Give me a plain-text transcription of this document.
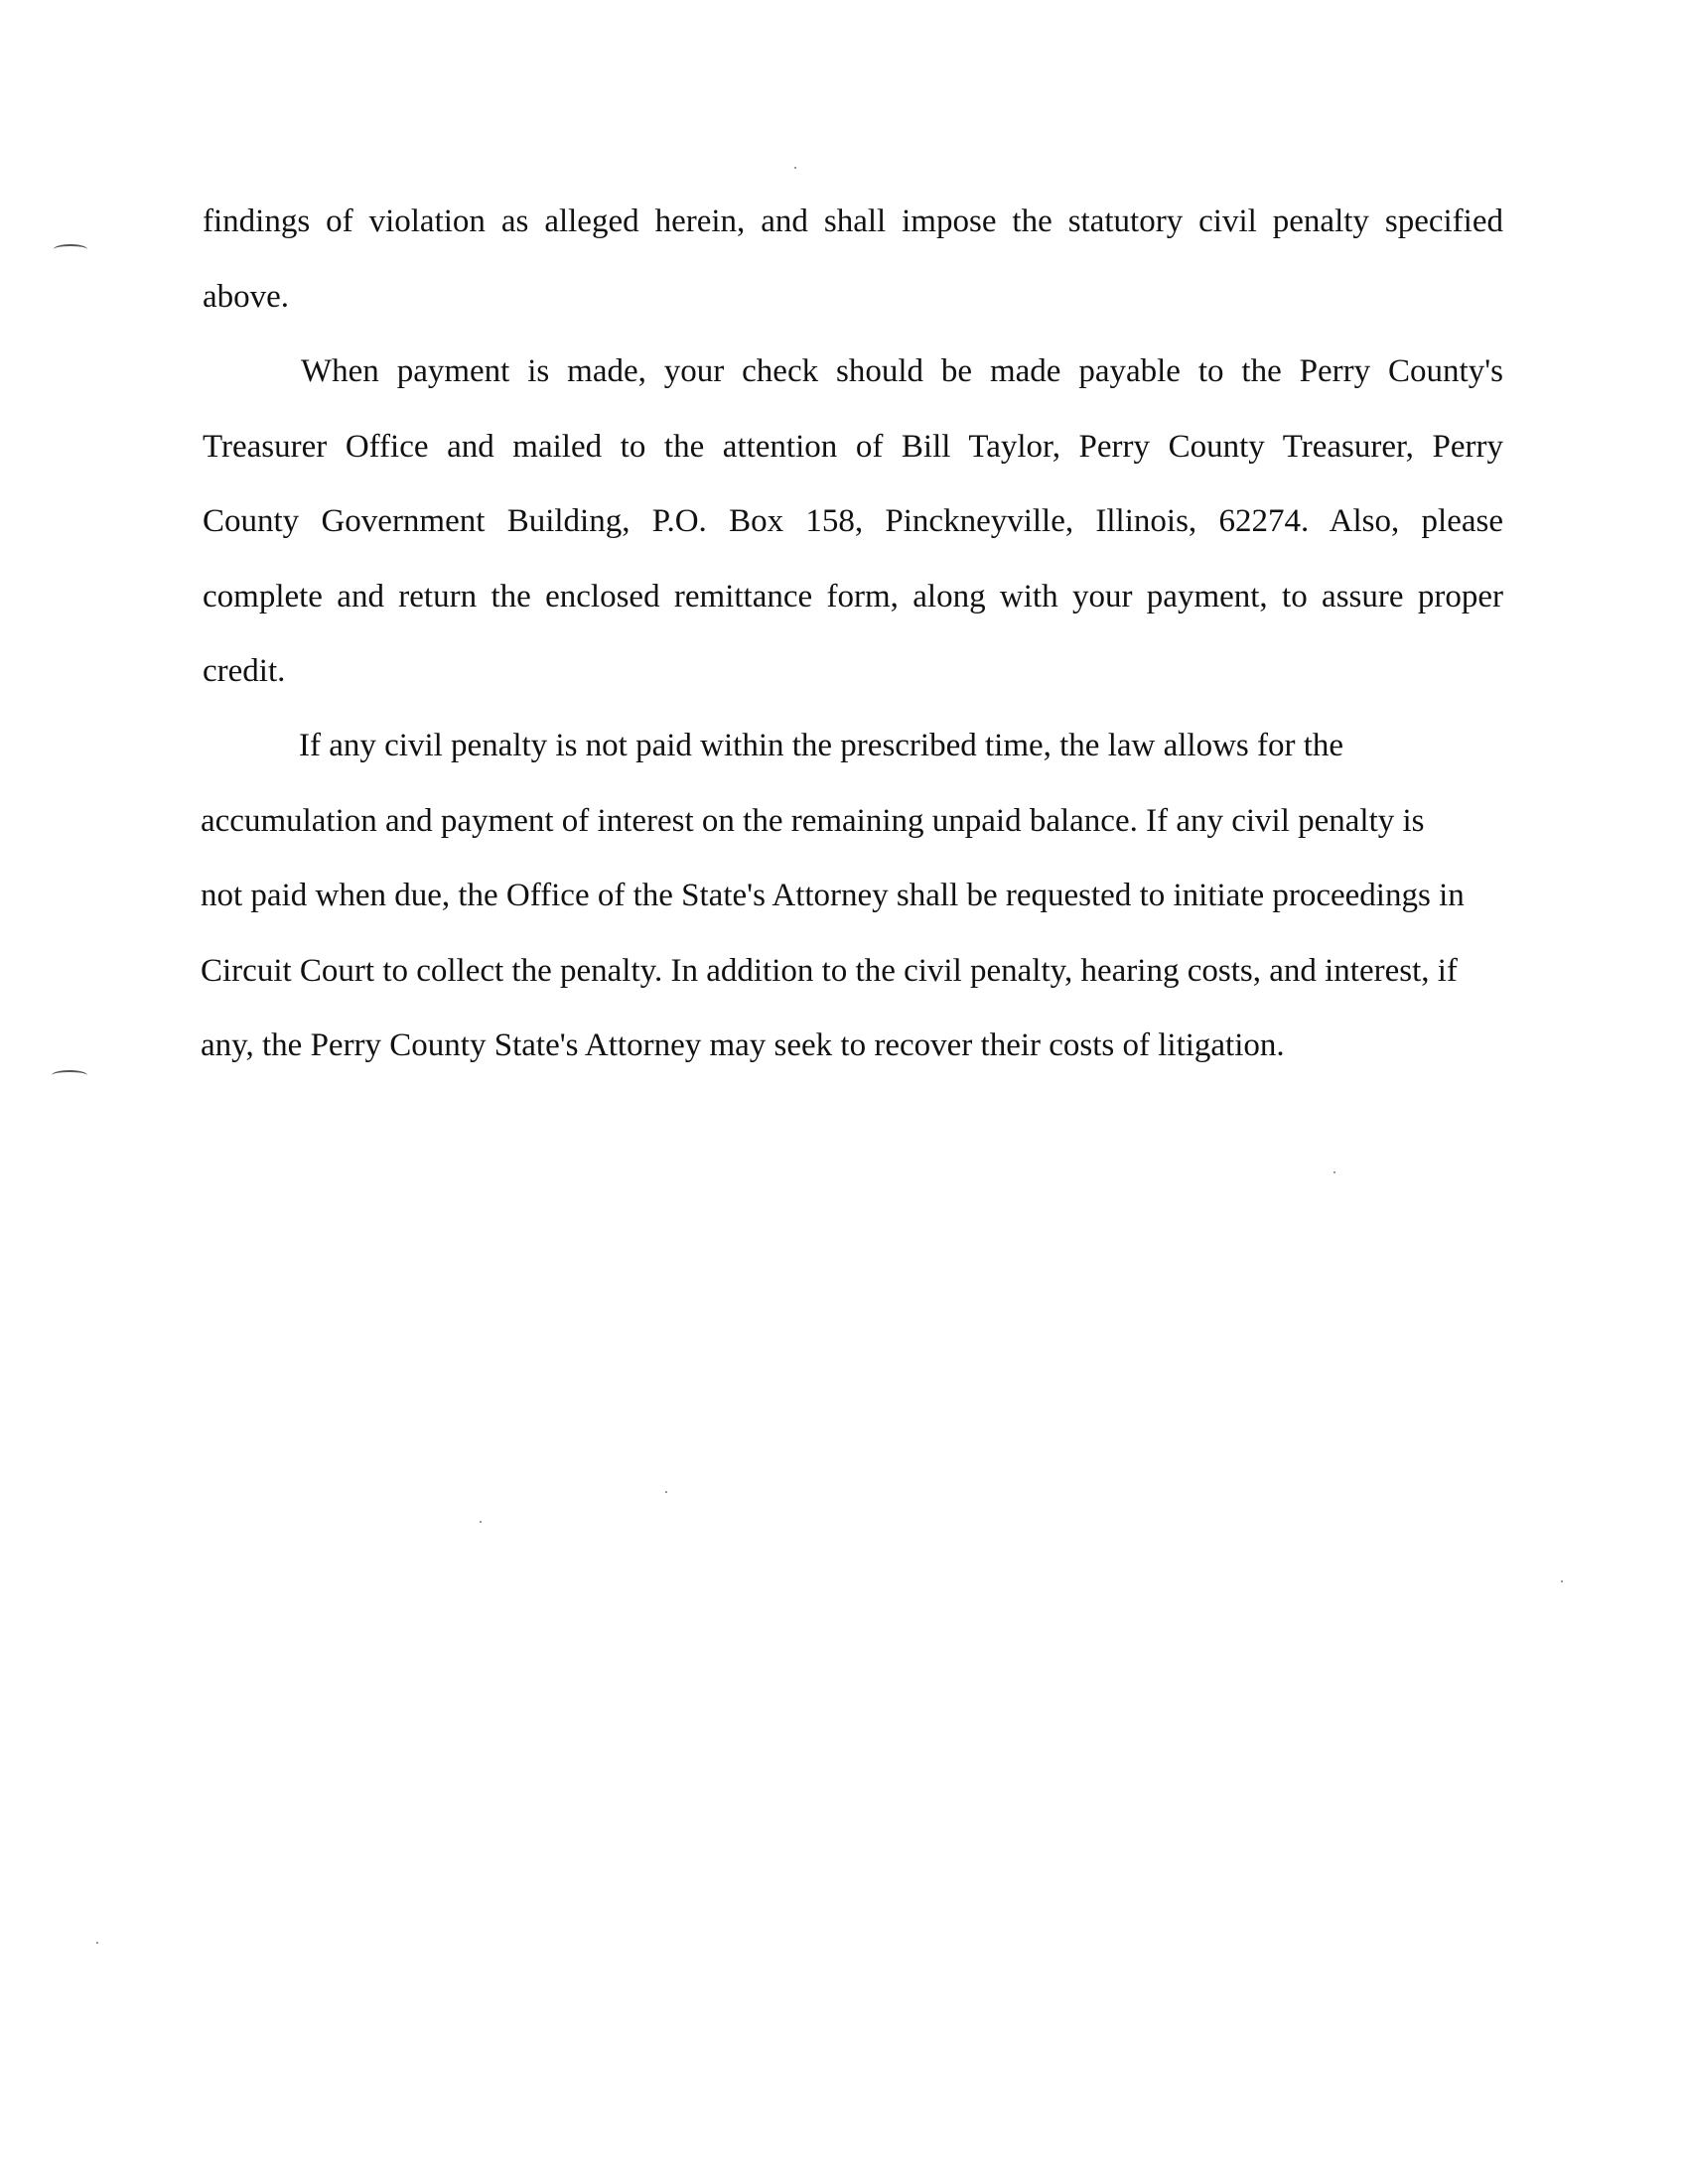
findings of violation as alleged herein, and shall impose the statutory civil penalty specified
above.
When payment is made, your check should be made payable to the Perry County's
Treasurer Office and mailed to the attention of Bill Taylor, Perry County Treasurer, Perry
County Government Building, P.O. Box 158, Pinckneyville, Illinois, 62274. Also, please
complete and return the enclosed remittance form, along with your payment, to assure proper
credit.
If any civil penalty is not paid within the prescribed time, the law allows for the
accumulation and payment of interest on the remaining unpaid balance. If any civil penalty is
not paid when due, the Office of the State's Attorney shall be requested to initiate proceedings in
Circuit Court to collect the penalty. In addition to the civil penalty, hearing costs, and interest, if
any, the Perry County State's Attorney may seek to recover their costs of litigation.
